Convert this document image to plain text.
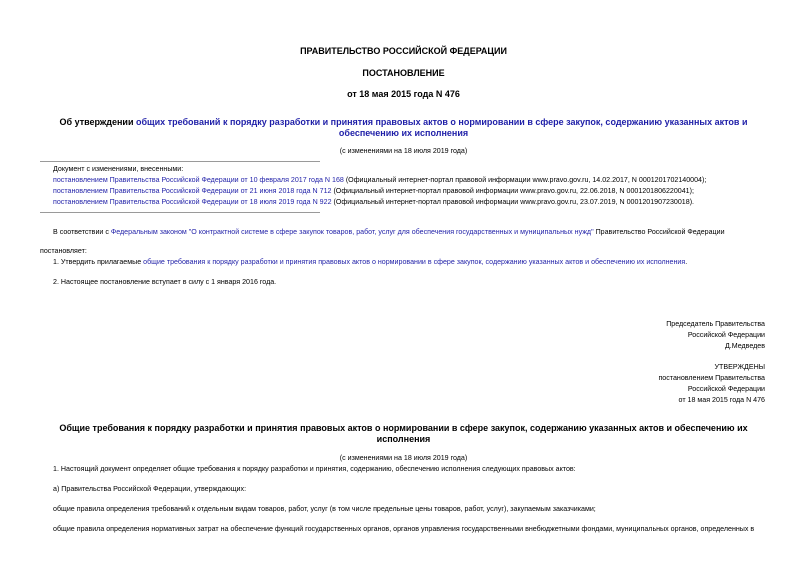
ПРАВИТЕЛЬСТВО РОССИЙСКОЙ ФЕДЕРАЦИИ
ПОСТАНОВЛЕНИЕ
от 18 мая 2015 года N 476
Об утверждении общих требований к порядку разработки и принятия правовых актов о нормировании в сфере закупок, содержанию указанных актов и
обеспечению их исполнения
(с изменениями на 18 июля 2019 года)
Документ с изменениями, внесенными:
постановлением Правительства Российской Федерации от 10 февраля 2017 года N 168 (Официальный интернет-портал правовой информации www.pravo.gov.ru, 14.02.2017, N 0001201702140004);
постановлением Правительства Российской Федерации от 21 июня 2018 года N 712 (Официальный интернет-портал правовой информации www.pravo.gov.ru, 22.06.2018, N 0001201806220041);
постановлением Правительства Российской Федерации от 18 июля 2019 года N 922 (Официальный интернет-портал правовой информации www.pravo.gov.ru, 23.07.2019, N 0001201907230018).
В соответствии с Федеральным законом "О контрактной системе в сфере закупок товаров, работ, услуг для обеспечения государственных и муниципальных нужд" Правительство Российской Федерации
постановляет:
1. Утвердить прилагаемые общие требования к порядку разработки и принятия правовых актов о нормировании в сфере закупок, содержанию указанных актов и обеспечению их исполнения.
2. Настоящее постановление вступает в силу с 1 января 2016 года.
Председатель Правительства
Российской Федерации
Д.Медведев
УТВЕРЖДЕНЫ
постановлением Правительства
Российской Федерации
от 18 мая 2015 года N 476
Общие требования к порядку разработки и принятия правовых актов о нормировании в сфере закупок, содержанию указанных актов и обеспечению их
исполнения
(с изменениями на 18 июля 2019 года)
1. Настоящий документ определяет общие требования к порядку разработки и принятия, содержанию, обеспечению исполнения следующих правовых актов:
а) Правительства Российской Федерации, утверждающих:
общие правила определения требований к отдельным видам товаров, работ, услуг (в том числе предельные цены товаров, работ, услуг), закупаемым заказчиками;
общие правила определения нормативных затрат на обеспечение функций государственных органов, органов управления государственными внебюджетными фондами, муниципальных органов, определенных в
